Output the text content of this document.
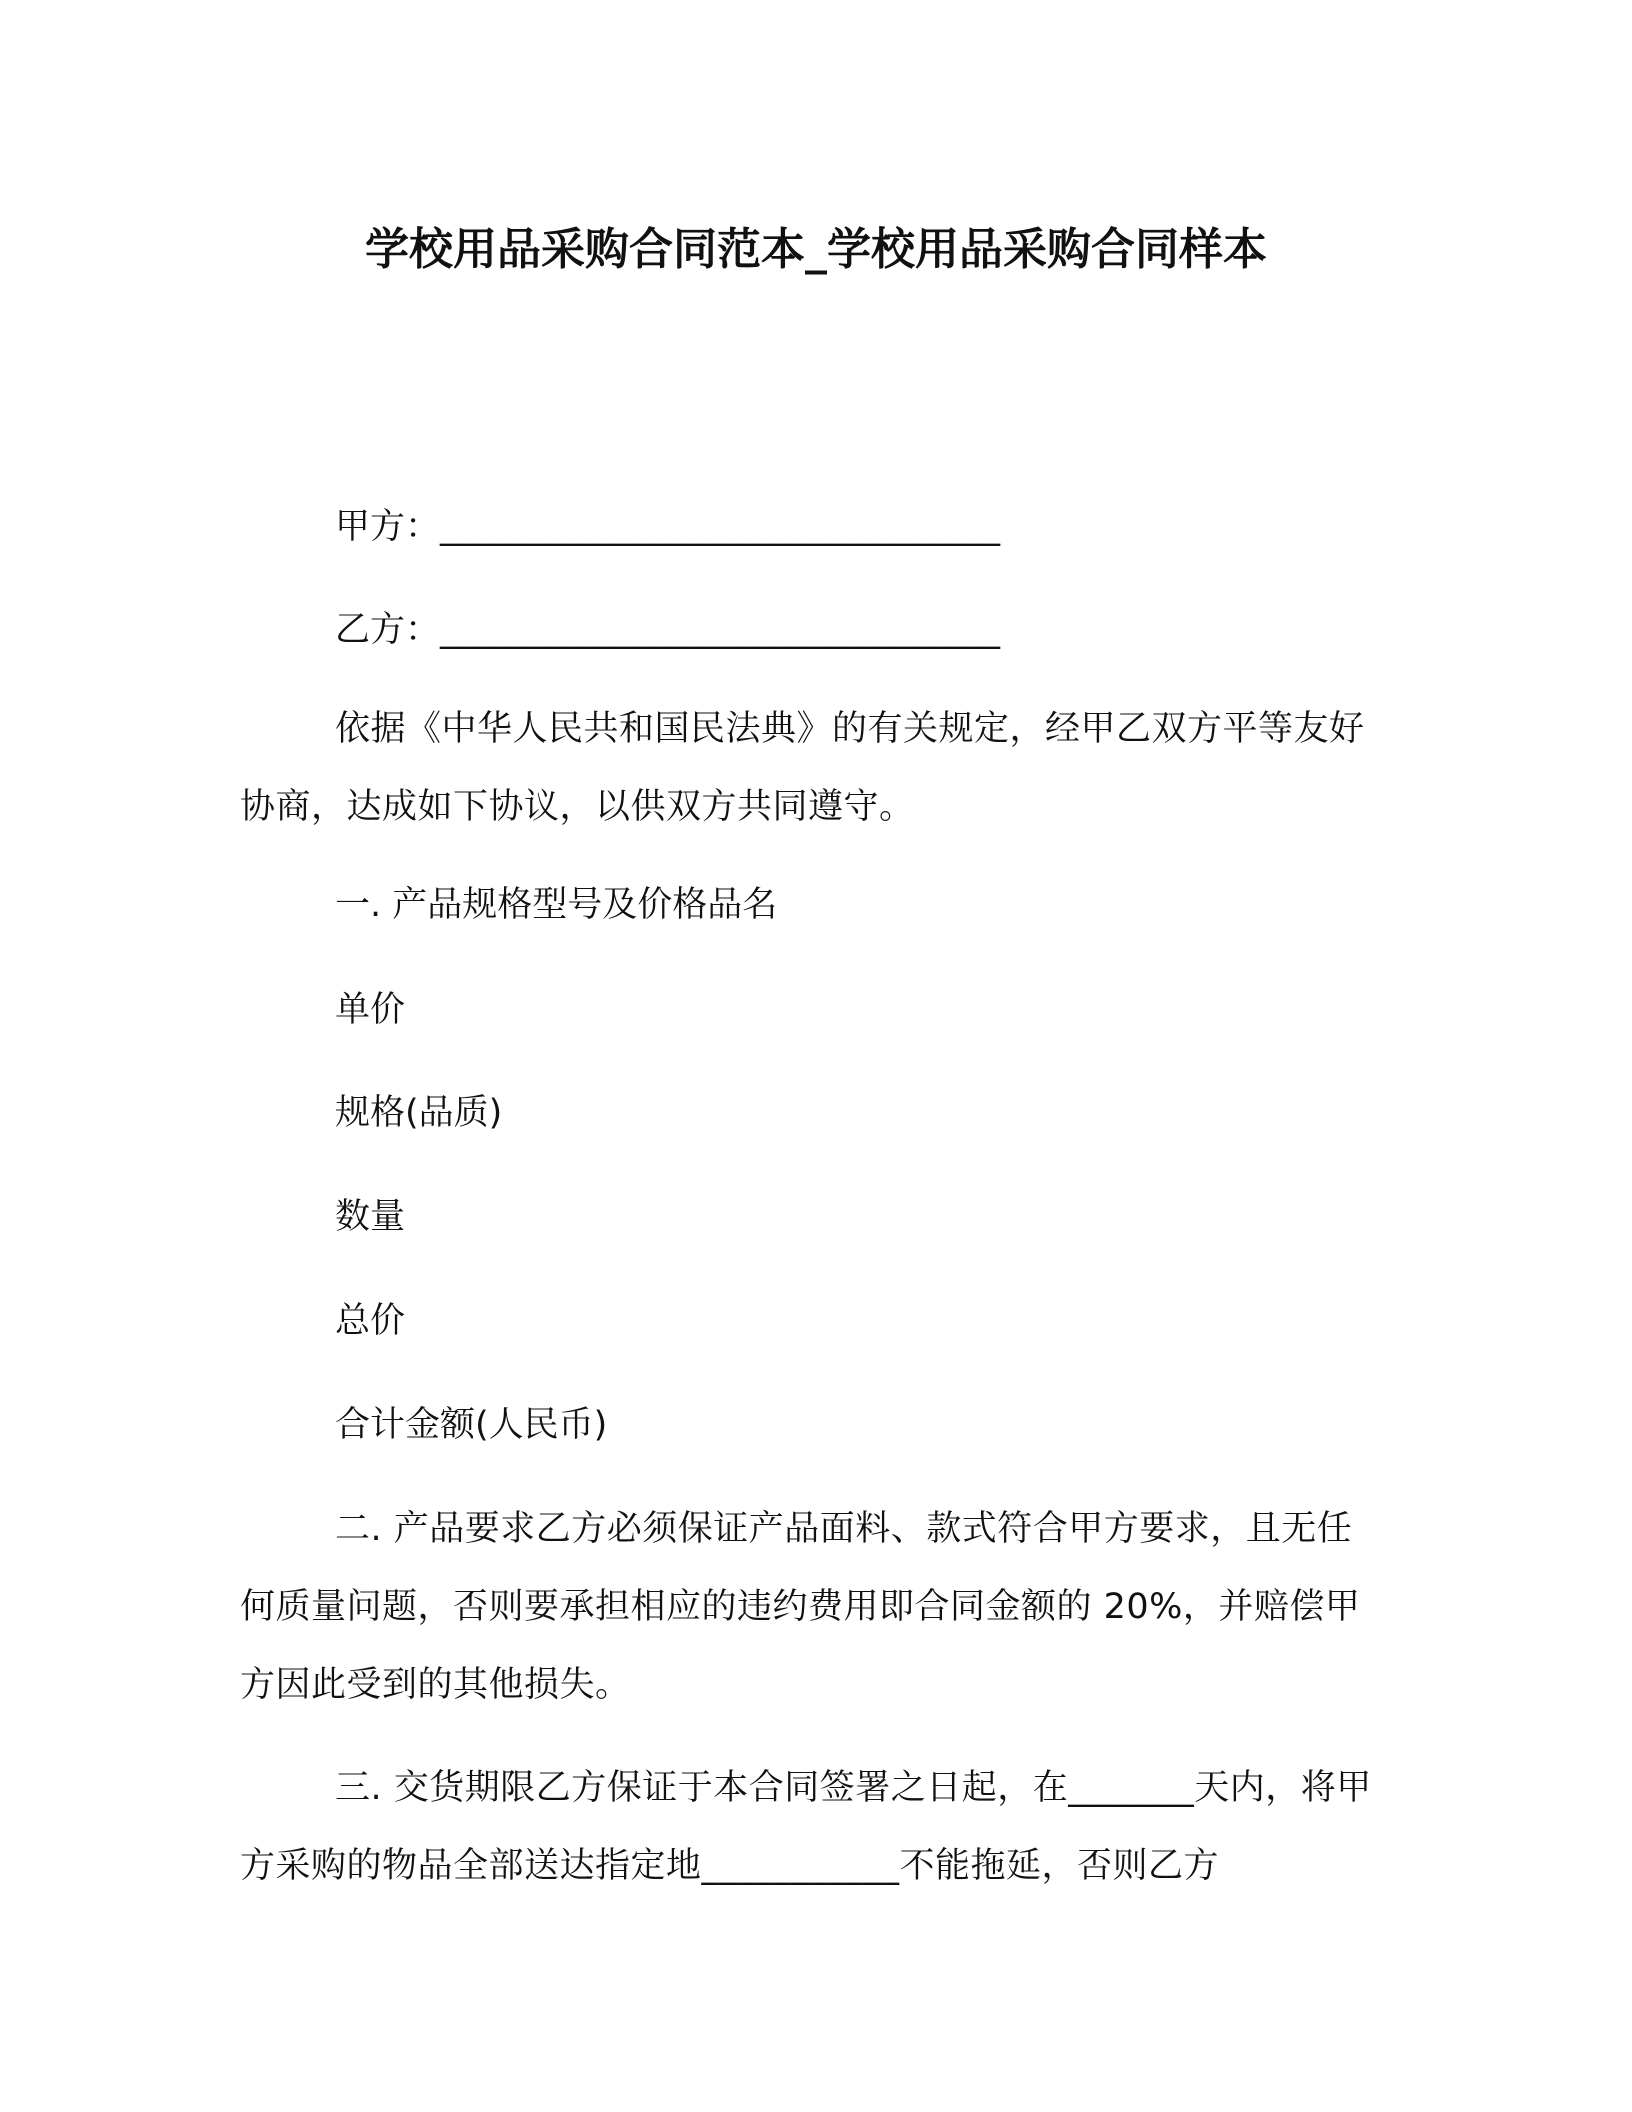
学校用品采购合同范本_学校用品采购合同样本
甲方：________________________________
乙方：________________________________
依据《中华人民共和国民法典》的有关规定，经甲乙双方平等友好协商，达成如下协议，以供双方共同遵守。
一. 产品规格型号及价格品名
单价
规格(品质)
数量
总价
合计金额(人民币)
二. 产品要求乙方必须保证产品面料、款式符合甲方要求，且无任何质量问题，否则要承担相应的违约费用即合同金额的 20%，并赔偿甲方因此受到的其他损失。
三. 交货期限乙方保证于本合同签署之日起，在_______天内，将甲方采购的物品全部送达指定地___________不能拖延，否则乙方
